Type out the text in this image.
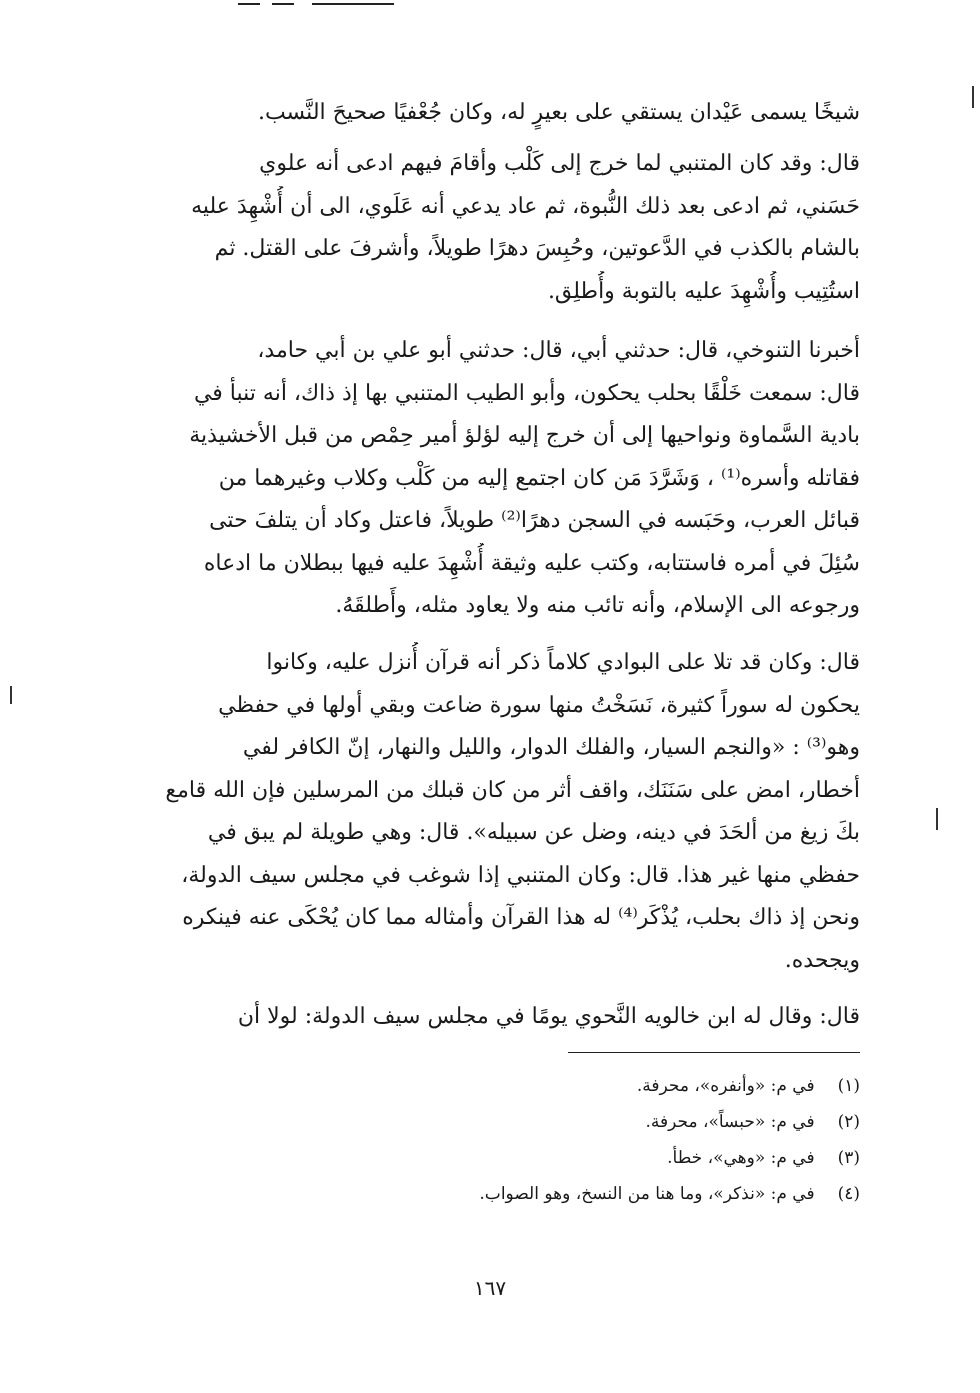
شيخًا يسمى عَيْدان يستقي على بعيرٍ له، وكان جُعْفيًا صحيحَ النَّسب.
قال: وقد كان المتنبي لما خرج إلى كَلْب وأقامَ فيهم ادعى أنه علوي
حَسَني، ثم ادعى بعد ذلك النُّبوة، ثم عاد يدعي أنه عَلَوي، الى أن أُشْهِدَ عليه
بالشام بالكذب في الدَّعوتين، وحُبِسَ دهرًا طويلاً، وأشرفَ على القتل. ثم
استُتِيب وأُشْهِدَ عليه بالتوبة وأُطلِق.
أخبرنا التنوخي، قال: حدثني أبي، قال: حدثني أبو علي بن أبي حامد،
قال: سمعت خَلْقًا بحلب يحكون، وأبو الطيب المتنبي بها إذ ذاك، أنه تنبأ في
بادية السَّماوة ونواحيها إلى أن خرج إليه لؤلؤ أمير حِمْص من قبل الأخشيذية
فقاتله وأسره⁽¹⁾ ، وَشَرَّدَ مَن كان اجتمع إليه من كَلْب وكلاب وغيرهما من
قبائل العرب، وحَبَسه في السجن دهرًا⁽²⁾ طويلاً، فاعتل وكاد أن يتلفَ حتى
سُئِلَ في أمره فاستتابه، وكتب عليه وثيقة أُشْهِدَ عليه فيها ببطلان ما ادعاه
ورجوعه الى الإسلام، وأنه تائب منه ولا يعاود مثله، وأَطلقَهُ.
قال: وكان قد تلا على البوادي كلاماً ذكر أنه قرآن أُنزل عليه، وكانوا
يحكون له سوراً كثيرة، نَسَخْتُ منها سورة ضاعت وبقي أولها في حفظي
وهو⁽³⁾ : «والنجم السيار، والفلك الدوار، والليل والنهار، إنّ الكافر لفي
أخطار، امض على سَنَنَك، واقف أثر من كان قبلك من المرسلين فإن الله قامع
بكَ زيغ من ألحَدَ في دينه، وضل عن سبيله». قال: وهي طويلة لم يبق في
حفظي منها غير هذا. قال: وكان المتنبي إذا شوغب في مجلس سيف الدولة،
ونحن إذ ذاك بحلب، يُذْكَر⁽⁴⁾ له هذا القرآن وأمثاله مما كان يُحْكَى عنه فينكره
ويجحده.
قال: وقال له ابن خالويه النَّحوي يومًا في مجلس سيف الدولة: لولا أن
(١) في م: «وأنفره»، محرفة.
(٢) في م: «حبساً»، محرفة.
(٣) في م: «وهي»، خطأ.
(٤) في م: «نذكر»، وما هنا من النسخ، وهو الصواب.
١٦٧
